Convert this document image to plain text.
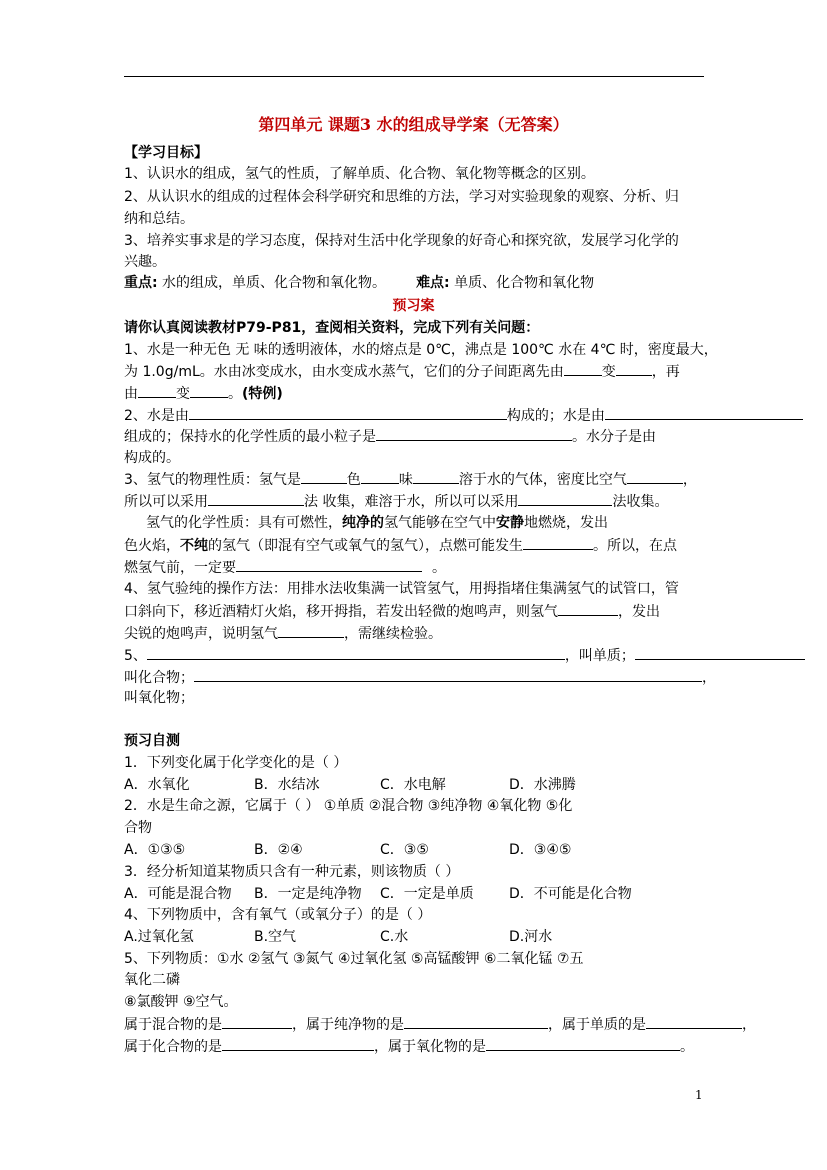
第四单元 课题3 水的组成导学案（无答案）
【学习目标】
1、认识水的组成，氢气的性质，了解单质、化合物、氧化物等概念的区别。
2、从认识水的组成的过程体会科学研究和思维的方法，学习对实验现象的观察、分析、归
纳和总结。
3、培养实事求是的学习态度，保持对生活中化学现象的好奇心和探究欲，发展学习化学的
兴趣。
重点: 水的组成，单质、化合物和氧化物。 难点: 单质、化合物和氧化物
预习案
请你认真阅读教材P79-P81，查阅相关资料，完成下列有关问题：
1、水是一种无色 无 味的透明液体，水的熔点是 0℃，沸点是 100℃ 水在 4℃ 时，密度最大，
为 1.0g/mL。水由冰变成水，由水变成水蒸气，它们的分子间距离先由	变	，再
由	变	。(特例)
2、水是由	构成的；水是由
组成的；保持水的化学性质的最小粒子是	。水分子是由
构成的。
3、氢气的物理性质：氢气是	色	味	溶于水的气体，密度比空气	，
所以可以采用	法 收集，难溶于水，所以可以采用	法收集。
氢气的化学性质：具有可燃性，纯净的氢气能够在空气中安静地燃烧，发出
色火焰，不纯的氢气（即混有空气或氧气的氢气），点燃可能发生	。所以，在点
燃氢气前，一定要	。
4、氢气验纯的操作方法：用排水法收集满一试管氢气，用拇指堵住集满氢气的试管口，管
口斜向下，移近酒精灯火焰，移开拇指，若发出轻微的炮鸣声，则氢气	，发出
尖锐的炮鸣声，说明氢气	，需继续检验。
5、	，叫单质；
叫化合物；	，
叫氧化物；
预习自测
1．下列变化属于化学变化的是（ ）
A．水氧化	B．水结冰	C．水电解	D．水沸腾
2．水是生命之源，它属于（ ） ①单质 ②混合物 ③纯净物 ④氧化物 ⑤化
合物
A．①③⑤	B．②④	C．③⑤	D．③④⑤
3．经分析知道某物质只含有一种元素，则该物质（ ）
A．可能是混合物 B．一定是纯净物 C．一定是单质	D．不可能是化合物
4、下列物质中，含有氧气（或氧分子）的是（ ）
A.过氧化氢	B.空气	C.水	D.河水
5、下列物质：①水 ②氢气 ③氮气 ④过氧化氢 ⑤高锰酸钾 ⑥二氧化锰 ⑦五
氧化二磷
⑧氯酸钾 ⑨空气。
属于混合物的是	，属于纯净物的是	，属于单质的是	，
属于化合物的是	，属于氧化物的是	。
1
